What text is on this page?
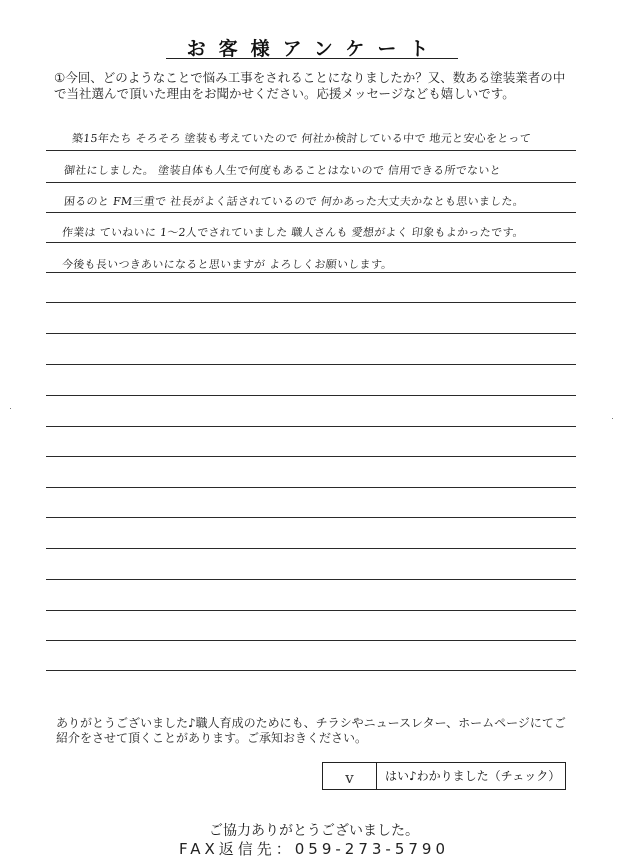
お客様アンケート
①今回、どのようなことで悩み工事をされることになりましたか？又、数ある塗装業者の中で当社選んで頂いた理由をお聞かせください。応援メッセージなども嬉しいです。
築15年たち そろそろ 塗装も考えていたので 何社か検討している中で 地元と安心をとって
御社にしました。 塗装自体も人生で何度もあることはないので 信用できる所でないと
困るのと FM三重で 社長がよく話されているので 何かあった大丈夫かなとも思いました。
作業は ていねいに 1〜2人でされていました 職人さんも 愛想がよく 印象もよかったです。
今後も長いつきあいになると思いますが よろしくお願いします。
ありがとうございました♪職人育成のためにも、チラシやニュースレター、ホームページにてご紹介をさせて頂くことがあります。ご承知おきください。
v	はい♪わかりました（チェック）
ご協力ありがとうございました。
FAX返信先：059-273-5790
